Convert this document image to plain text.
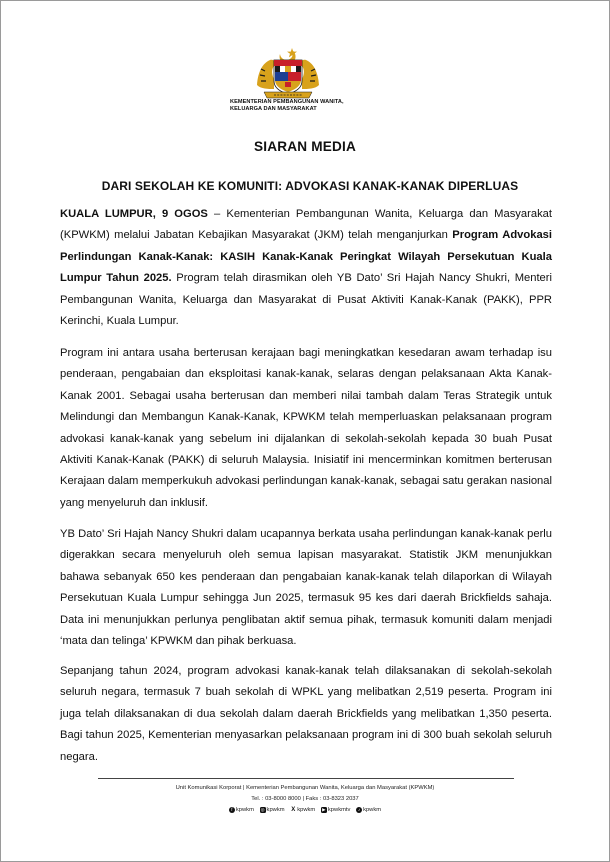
KEMENTERIAN PEMBANGUNAN WANITA,
KELUARGA DAN MASYARAKAT
SIARAN MEDIA
DARI SEKOLAH KE KOMUNITI: ADVOKASI KANAK-KANAK DIPERLUAS

KUALA LUMPUR, 9 OGOS – Kementerian Pembangunan Wanita, Keluarga dan Masyarakat (KPWKM) melalui Jabatan Kebajikan Masyarakat (JKM) telah menganjurkan Program Advokasi Perlindungan Kanak-Kanak: KASIH Kanak-Kanak Peringkat Wilayah Persekutuan Kuala Lumpur Tahun 2025. Program telah dirasmikan oleh YB Dato’ Sri Hajah Nancy Shukri, Menteri Pembangunan Wanita, Keluarga dan Masyarakat di Pusat Aktiviti Kanak-Kanak (PAKK), PPR Kerinchi, Kuala Lumpur.

Program ini antara usaha berterusan kerajaan bagi meningkatkan kesedaran awam terhadap isu penderaan, pengabaian dan eksploitasi kanak-kanak, selaras dengan pelaksanaan Akta Kanak-Kanak 2001. Sebagai usaha berterusan dan memberi nilai tambah dalam Teras Strategik untuk Melindungi dan Membangun Kanak-Kanak, KPWKM telah memperluaskan pelaksanaan program advokasi kanak-kanak yang sebelum ini dijalankan di sekolah-sekolah kepada 30 buah Pusat Aktiviti Kanak-Kanak (PAKK) di seluruh Malaysia. Inisiatif ini mencerminkan komitmen berterusan Kerajaan dalam memperkukuh advokasi perlindungan kanak-kanak, sebagai satu gerakan nasional yang menyeluruh dan inklusif.

YB Dato’ Sri Hajah Nancy Shukri dalam ucapannya berkata usaha perlindungan kanak-kanak perlu digerakkan secara menyeluruh oleh semua lapisan masyarakat. Statistik JKM menunjukkan bahawa sebanyak 650 kes penderaan dan pengabaian kanak-kanak telah dilaporkan di Wilayah Persekutuan Kuala Lumpur sehingga Jun 2025, termasuk 95 kes dari daerah Brickfields sahaja. Data ini menunjukkan perlunya penglibatan aktif semua pihak, termasuk komuniti dalam menjadi ‘mata dan telinga’ KPWKM dan pihak berkuasa.

Sepanjang tahun 2024, program advokasi kanak-kanak telah dilaksanakan di sekolah-sekolah seluruh negara, termasuk 7 buah sekolah di WPKL yang melibatkan 2,519 peserta. Program ini juga telah dilaksanakan di dua sekolah dalam daerah Brickfields yang melibatkan 1,350 peserta. Bagi tahun 2025, Kementerian menyasarkan pelaksanaan program ini di 300 buah sekolah seluruh negara.

Unit Komunikasi Korporat | Kementerian Pembangunan Wanita, Keluarga dan Masyarakat (KPWKM)
Tel. : 03-8000 8000 | Faks : 03-8323 2037
f kpwkm ◎ kpwkm X kpwkm ▶ kpwkmtv ♪ kpwkm
